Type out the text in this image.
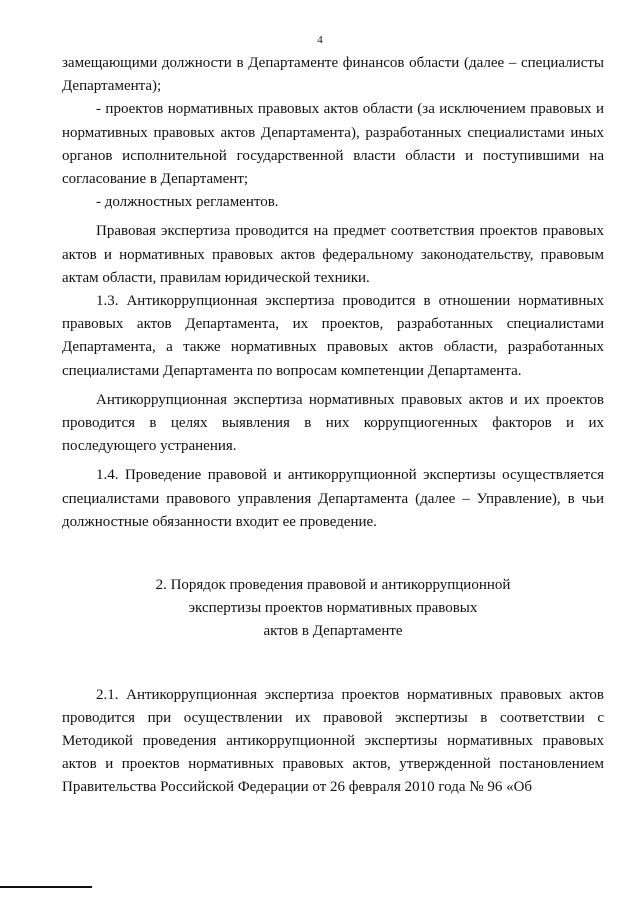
4

замещающими должности в Департаменте финансов области (далее – специалисты Департамента);

- проектов нормативных правовых актов области (за исключением правовых и нормативных правовых актов Департамента), разработанных специалистами иных органов исполнительной государственной власти области и поступившими на согласование в Департамент;

- должностных регламентов.

Правовая экспертиза проводится на предмет соответствия проектов правовых актов и нормативных правовых актов федеральному законодательству, правовым актам области, правилам юридической техники.

1.3. Антикоррупционная экспертиза проводится в отношении нормативных правовых актов Департамента, их проектов, разработанных специалистами Департамента, а также нормативных правовых актов области, разработанных специалистами Департамента по вопросам компетенции Департамента.

Антикоррупционная экспертиза нормативных правовых актов и их проектов проводится в целях выявления в них коррупциогенных факторов и их последующего устранения.

1.4. Проведение правовой и антикоррупционной экспертизы осуществляется специалистами правового управления Департамента (далее – Управление), в чьи должностные обязанности входит ее проведение.

2. Порядок проведения правовой и антикоррупционной
экспертизы проектов нормативных правовых
актов в Департаменте

2.1. Антикоррупционная экспертиза проектов нормативных правовых актов проводится при осуществлении их правовой экспертизы в соответствии с Методикой проведения антикоррупционной экспертизы нормативных правовых актов и проектов нормативных правовых актов, утвержденной постановлением Правительства Российской Федерации от 26 февраля 2010 года № 96 «Об
